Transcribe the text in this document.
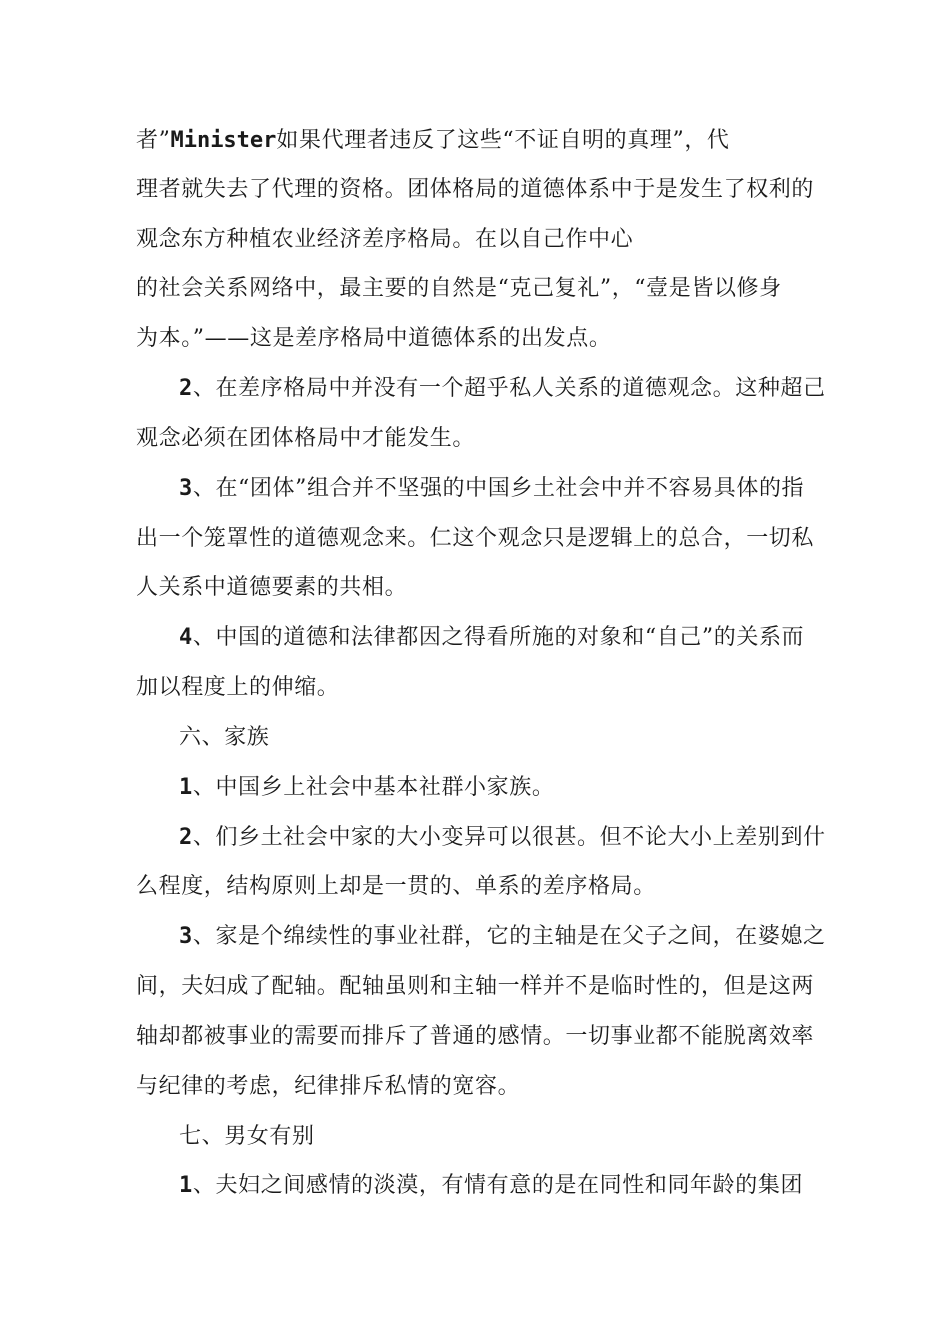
者”Minister如果代理者违反了这些“不证自明的真理”，代
理者就失去了代理的资格。团体格局的道德体系中于是发生了权利的
观念东方种植农业经济差序格局。在以自己作中心
的社会关系网络中，最主要的自然是“克己复礼”，“壹是皆以修身
为本。”——这是差序格局中道德体系的出发点。
2、在差序格局中并没有一个超乎私人关系的道德观念。这种超己
观念必须在团体格局中才能发生。
3、在“团体”组合并不坚强的中国乡土社会中并不容易具体的指
出一个笼罩性的道德观念来。仁这个观念只是逻辑上的总合，一切私
人关系中道德要素的共相。
4、中国的道德和法律都因之得看所施的对象和“自己”的关系而
加以程度上的伸缩。
六、家族
1、中国乡上社会中基本社群小家族。
2、们乡土社会中家的大小变异可以很甚。但不论大小上差别到什
么程度，结构原则上却是一贯的、单系的差序格局。
3、家是个绵续性的事业社群，它的主轴是在父子之间，在婆媳之
间，夫妇成了配轴。配轴虽则和主轴一样并不是临时性的，但是这两
轴却都被事业的需要而排斥了普通的感情。一切事业都不能脱离效率
与纪律的考虑，纪律排斥私情的宽容。
七、男女有别
1、夫妇之间感情的淡漠，有情有意的是在同性和同年龄的集团
